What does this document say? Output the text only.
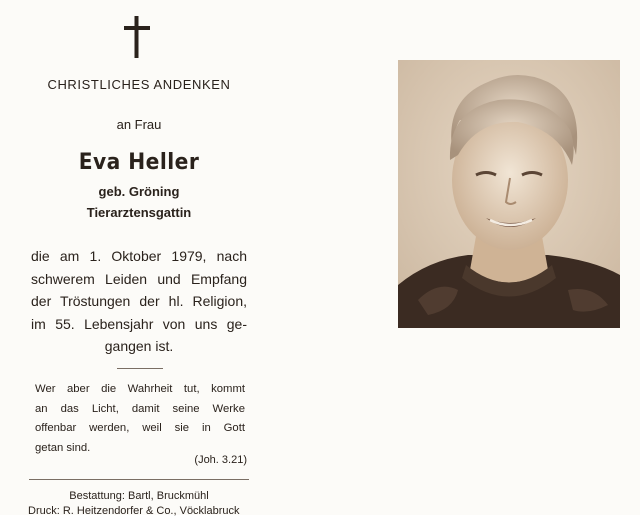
CHRISTLICHES ANDENKEN
an Frau
Eva Heller
geb. Gröning
Tierarztensgattin
die am 1. Oktober 1979, nach
schwerem Leiden und Empfang
der Tröstungen der hl. Religion,
im 55. Lebensjahr von uns ge-
gangen ist.
Wer aber die Wahrheit tut, kommt
an das Licht, damit seine Werke
offenbar werden, weil sie in Gott
getan sind.
(Joh. 3.21)
Bestattung: Bartl, Bruckmühl
Druck: R. Heitzendorfer & Co., Vöcklabruck
